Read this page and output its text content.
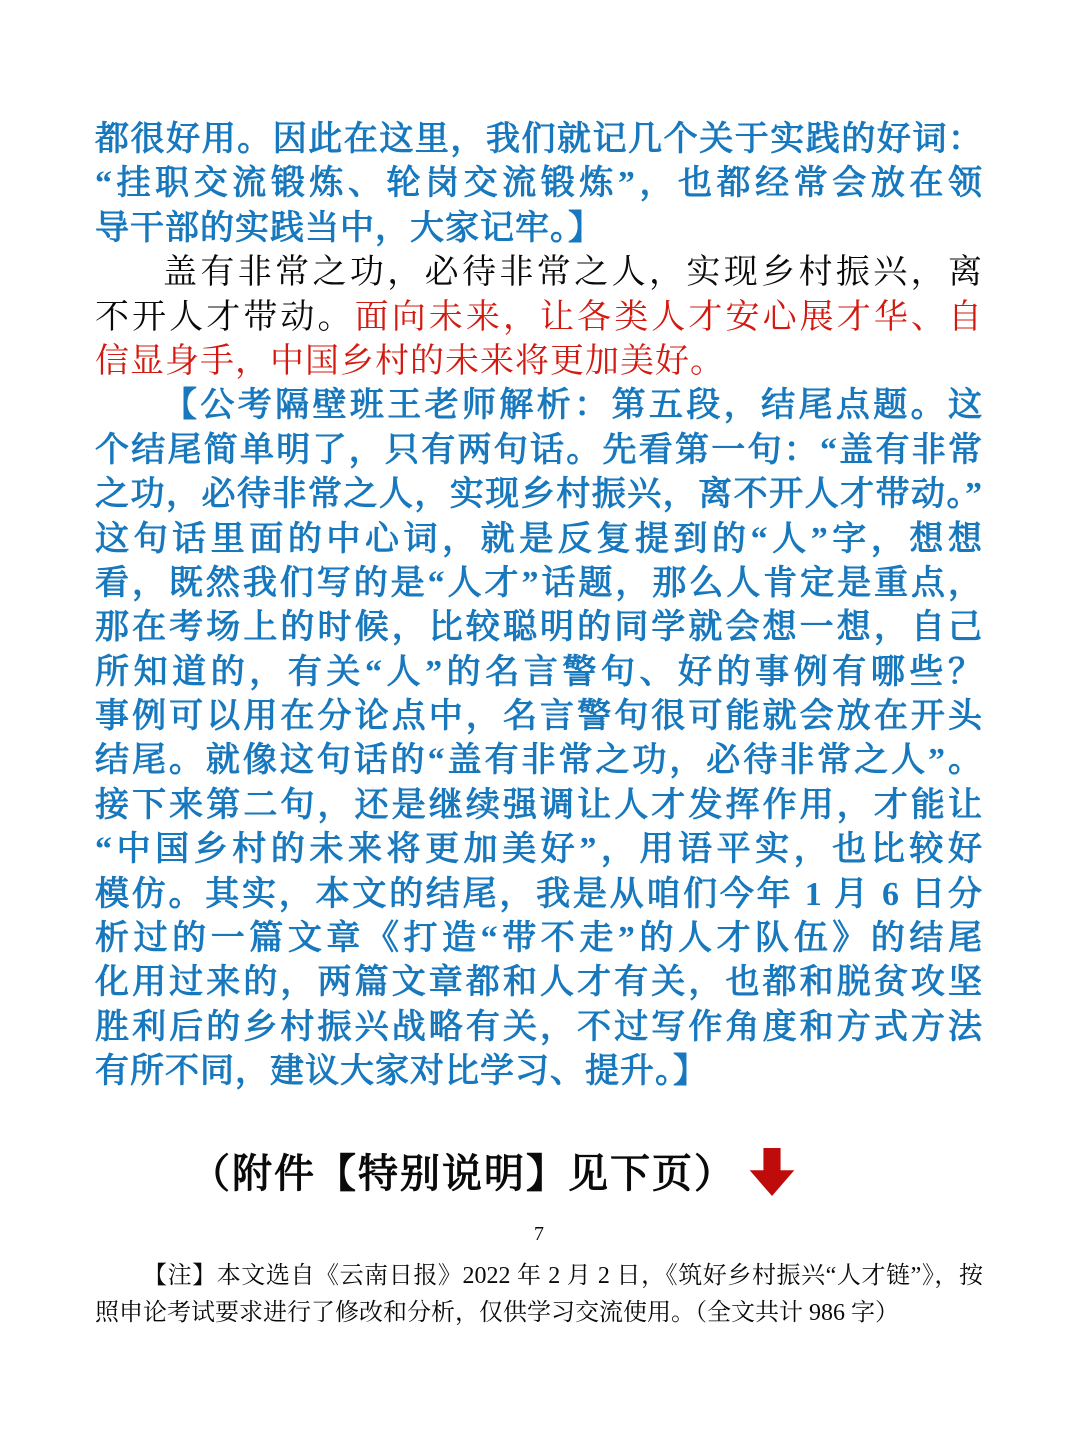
都很好用。因此在这里，我们就记几个关于实践的好词：
“挂职交流锻炼、轮岗交流锻炼”，也都经常会放在领
导干部的实践当中，大家记牢。】
盖有非常之功，必待非常之人，实现乡村振兴，离
不开人才带动。面向未来，让各类人才安心展才华、自
信显身手，中国乡村的未来将更加美好。
【公考隔壁班王老师解析：第五段，结尾点题。这
个结尾简单明了，只有两句话。先看第一句：“盖有非常
之功，必待非常之人，实现乡村振兴，离不开人才带动。”
这句话里面的中心词，就是反复提到的“人”字，想想
看，既然我们写的是“人才”话题，那么人肯定是重点，
那在考场上的时候，比较聪明的同学就会想一想，自己
所知道的，有关“人”的名言警句、好的事例有哪些？
事例可以用在分论点中，名言警句很可能就会放在开头
结尾。就像这句话的“盖有非常之功，必待非常之人”。
接下来第二句，还是继续强调让人才发挥作用，才能让
“中国乡村的未来将更加美好”，用语平实，也比较好
模仿。其实，本文的结尾，我是从咱们今年 1 月 6 日分
析过的一篇文章《打造“带不走”的人才队伍》的结尾
化用过来的，两篇文章都和人才有关，也都和脱贫攻坚
胜利后的乡村振兴战略有关，不过写作角度和方式方法
有所不同，建议大家对比学习、提升。】
（附件【特别说明】见下页）
7
【注】本文选自《云南日报》2022 年 2 月 2 日，《筑好乡村振兴“人才链”》，按
照申论考试要求进行了修改和分析，仅供学习交流使用。（全文共计 986 字）
